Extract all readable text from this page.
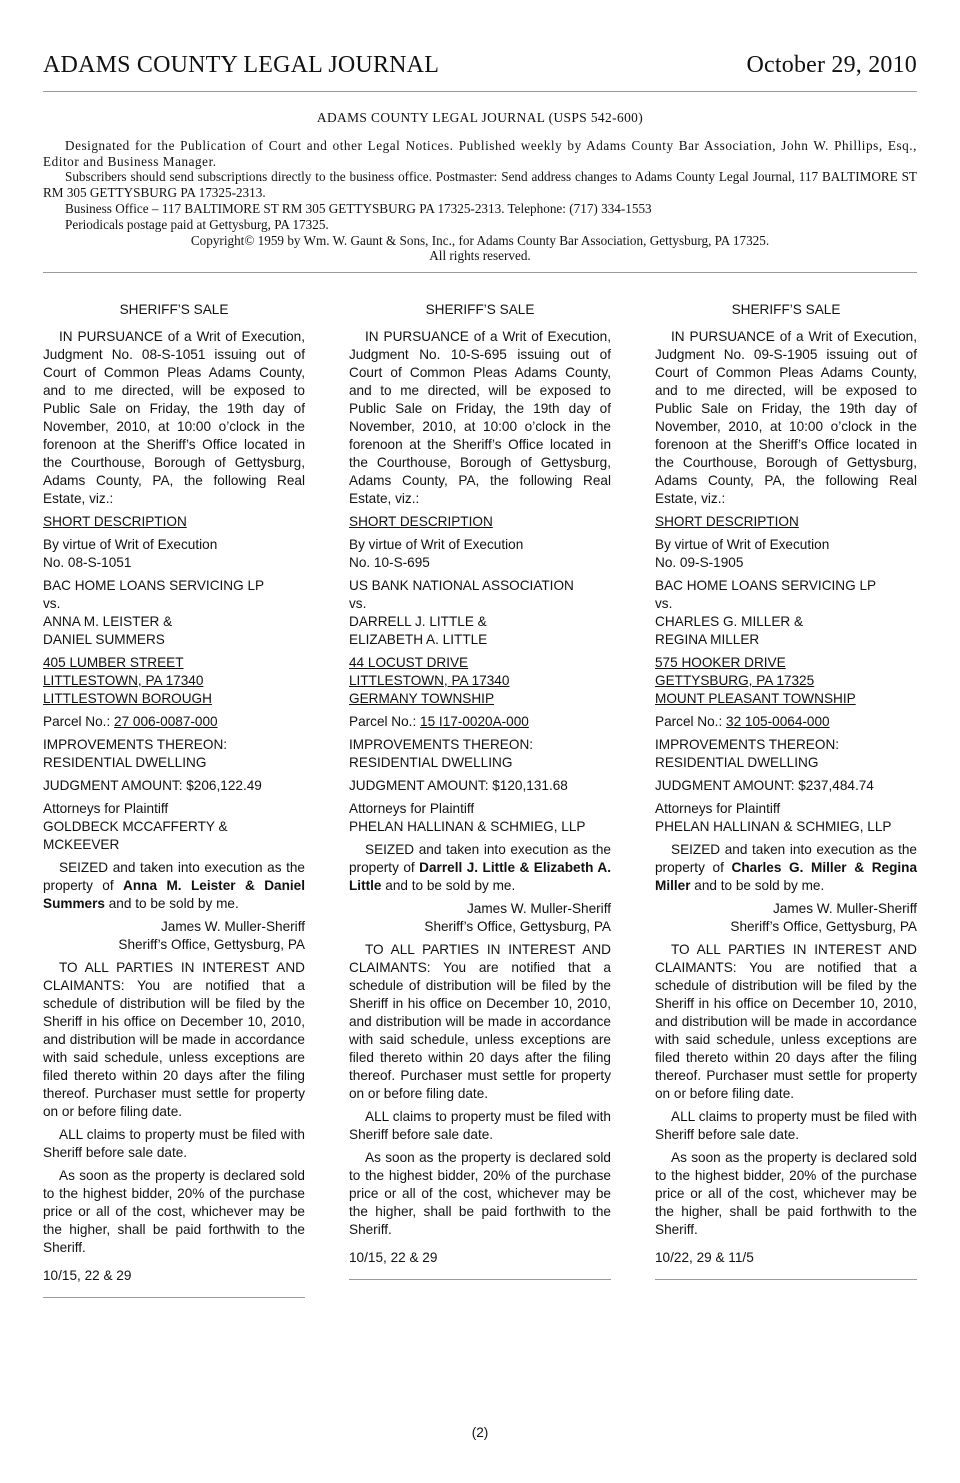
ADAMS COUNTY LEGAL JOURNAL	October 29, 2010
ADAMS COUNTY LEGAL JOURNAL (USPS 542-600)
Designated for the Publication of Court and other Legal Notices. Published weekly by Adams County Bar Association, John W. Phillips, Esq., Editor and Business Manager.
Subscribers should send subscriptions directly to the business office. Postmaster: Send address changes to Adams County Legal Journal, 117 BALTIMORE ST RM 305 GETTYSBURG PA 17325-2313.
Business Office – 117 BALTIMORE ST RM 305 GETTYSBURG PA 17325-2313. Telephone: (717) 334-1553
Periodicals postage paid at Gettysburg, PA 17325.
Copyright© 1959 by Wm. W. Gaunt & Sons, Inc., for Adams County Bar Association, Gettysburg, PA 17325.
All rights reserved.

SHERIFF’S SALE

IN PURSUANCE of a Writ of Execution, Judgment No. 08-S-1051 issuing out of Court of Common Pleas Adams County, and to me directed, will be exposed to Public Sale on Friday, the 19th day of November, 2010, at 10:00 o’clock in the forenoon at the Sheriff’s Office located in the Courthouse, Borough of Gettysburg, Adams County, PA, the following Real Estate, viz.:

SHORT DESCRIPTION

By virtue of Writ of Execution

No. 08-S-1051

BAC HOME LOANS SERVICING LP

vs.

ANNA M. LEISTER &

DANIEL SUMMERS

405 LUMBER STREET

LITTLESTOWN, PA 17340

LITTLESTOWN BOROUGH

Parcel No.: 27 006-0087-000

IMPROVEMENTS THEREON:

RESIDENTIAL DWELLING

JUDGMENT AMOUNT: $206,122.49

Attorneys for Plaintiff

GOLDBECK MCCAFFERTY &

MCKEEVER

SEIZED and taken into execution as the property of Anna M. Leister & Daniel Summers and to be sold by me.

James W. Muller-Sheriff

Sheriff’s Office, Gettysburg, PA

TO ALL PARTIES IN INTEREST AND CLAIMANTS: You are notified that a schedule of distribution will be filed by the Sheriff in his office on December 10, 2010, and distribution will be made in accordance with said schedule, unless exceptions are filed thereto within 20 days after the filing thereof. Purchaser must settle for property on or before filing date.

ALL claims to property must be filed with Sheriff before sale date.

As soon as the property is declared sold to the highest bidder, 20% of the purchase price or all of the cost, whichever may be the higher, shall be paid forthwith to the Sheriff.

10/15, 22 & 29

SHERIFF’S SALE

IN PURSUANCE of a Writ of Execution, Judgment No. 10-S-695 issuing out of Court of Common Pleas Adams County, and to me directed, will be exposed to Public Sale on Friday, the 19th day of November, 2010, at 10:00 o’clock in the forenoon at the Sheriff’s Office located in the Courthouse, Borough of Gettysburg, Adams County, PA, the following Real Estate, viz.:

SHORT DESCRIPTION

By virtue of Writ of Execution

No. 10-S-695

US BANK NATIONAL ASSOCIATION

vs.

DARRELL J. LITTLE &

ELIZABETH A. LITTLE

44 LOCUST DRIVE

LITTLESTOWN, PA 17340

GERMANY TOWNSHIP

Parcel No.: 15 I17-0020A-000

IMPROVEMENTS THEREON:

RESIDENTIAL DWELLING

JUDGMENT AMOUNT: $120,131.68

Attorneys for Plaintiff

PHELAN HALLINAN & SCHMIEG, LLP

SEIZED and taken into execution as the property of Darrell J. Little & Elizabeth A. Little and to be sold by me.

James W. Muller-Sheriff

Sheriff’s Office, Gettysburg, PA

TO ALL PARTIES IN INTEREST AND CLAIMANTS: You are notified that a schedule of distribution will be filed by the Sheriff in his office on December 10, 2010, and distribution will be made in accordance with said schedule, unless exceptions are filed thereto within 20 days after the filing thereof. Purchaser must settle for property on or before filing date.

ALL claims to property must be filed with Sheriff before sale date.

As soon as the property is declared sold to the highest bidder, 20% of the purchase price or all of the cost, whichever may be the higher, shall be paid forthwith to the Sheriff.

10/15, 22 & 29

SHERIFF’S SALE

IN PURSUANCE of a Writ of Execution, Judgment No. 09-S-1905 issuing out of Court of Common Pleas Adams County, and to me directed, will be exposed to Public Sale on Friday, the 19th day of November, 2010, at 10:00 o’clock in the forenoon at the Sheriff’s Office located in the Courthouse, Borough of Gettysburg, Adams County, PA, the following Real Estate, viz.:

SHORT DESCRIPTION

By virtue of Writ of Execution

No. 09-S-1905

BAC HOME LOANS SERVICING LP

vs.

CHARLES G. MILLER &

REGINA MILLER

575 HOOKER DRIVE

GETTYSBURG, PA 17325

MOUNT PLEASANT TOWNSHIP

Parcel No.: 32 105-0064-000

IMPROVEMENTS THEREON:

RESIDENTIAL DWELLING

JUDGMENT AMOUNT: $237,484.74

Attorneys for Plaintiff

PHELAN HALLINAN & SCHMIEG, LLP

SEIZED and taken into execution as the property of Charles G. Miller & Regina Miller and to be sold by me.

James W. Muller-Sheriff

Sheriff’s Office, Gettysburg, PA

TO ALL PARTIES IN INTEREST AND CLAIMANTS: You are notified that a schedule of distribution will be filed by the Sheriff in his office on December 10, 2010, and distribution will be made in accordance with said schedule, unless exceptions are filed thereto within 20 days after the filing thereof. Purchaser must settle for property on or before filing date.

ALL claims to property must be filed with Sheriff before sale date.

As soon as the property is declared sold to the highest bidder, 20% of the purchase price or all of the cost, whichever may be the higher, shall be paid forthwith to the Sheriff.

10/22, 29 & 11/5

(2)
